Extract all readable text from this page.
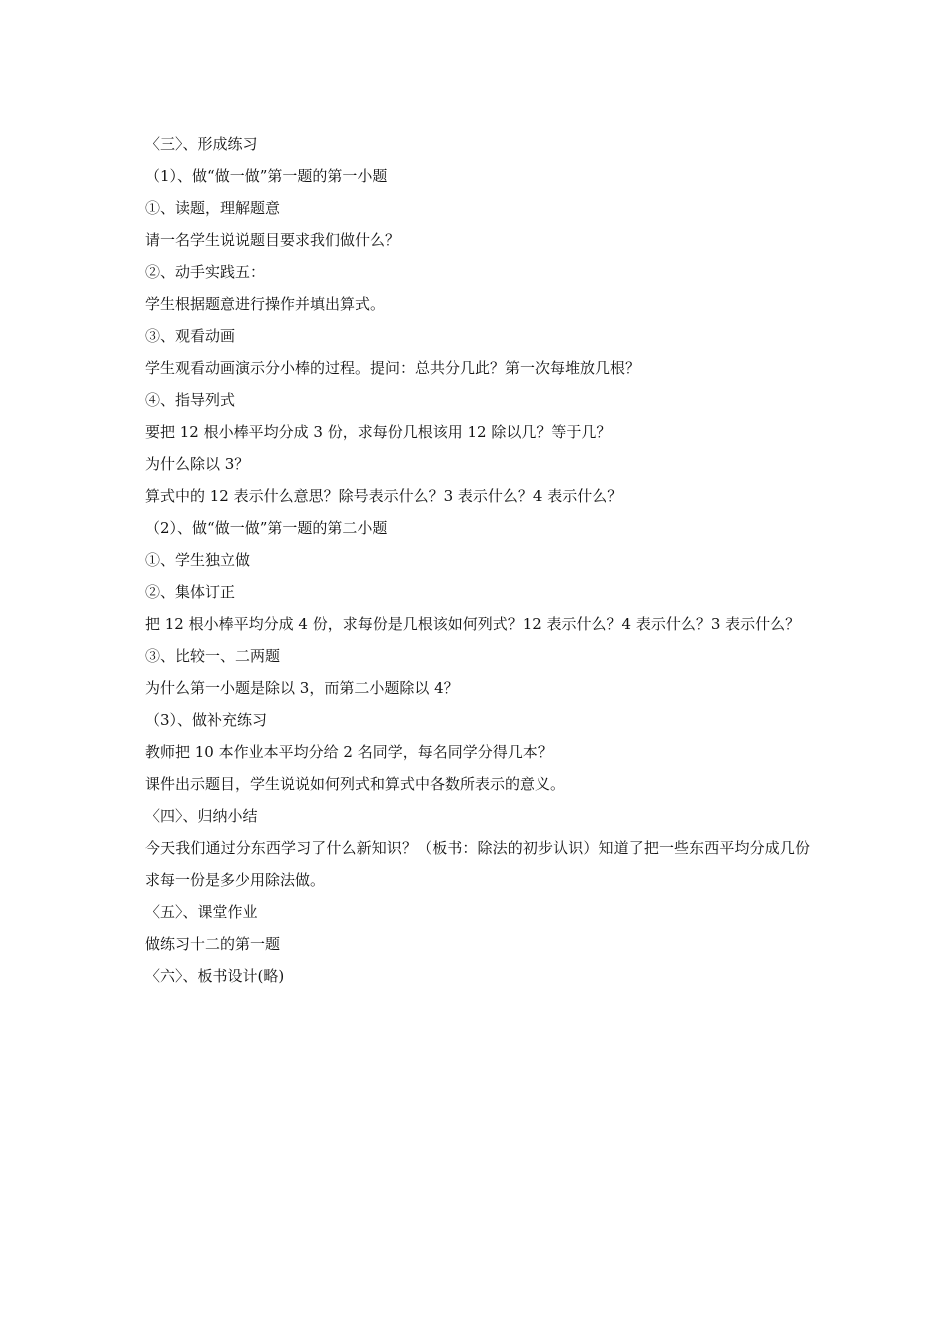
〈三〉、形成练习
（1）、做“做一做”第一题的第一小题
①、读题，理解题意
请一名学生说说题目要求我们做什么？
②、动手实践五：
学生根据题意进行操作并填出算式。
③、观看动画
学生观看动画演示分小棒的过程。提问：总共分几此？第一次每堆放几根？
④、指导列式
要把 12 根小棒平均分成 3 份，求每份几根该用 12 除以几？等于几？
为什么除以 3？
算式中的 12 表示什么意思？除号表示什么？3 表示什么？4 表示什么？
（2）、做“做一做”第一题的第二小题
①、学生独立做
②、集体订正
把 12 根小棒平均分成 4 份，求每份是几根该如何列式？12 表示什么？4 表示什么？3 表示什么？
③、比较一、二两题
为什么第一小题是除以 3，而第二小题除以 4？
（3）、做补充练习
教师把 10 本作业本平均分给 2 名同学，每名同学分得几本？
课件出示题目，学生说说如何列式和算式中各数所表示的意义。
〈四〉、归纳小结
今天我们通过分东西学习了什么新知识？（板书：除法的初步认识）知道了把一些东西平均分成几份求每一份是多少用除法做。
〈五〉、课堂作业
做练习十二的第一题
〈六〉、板书设计(略)
